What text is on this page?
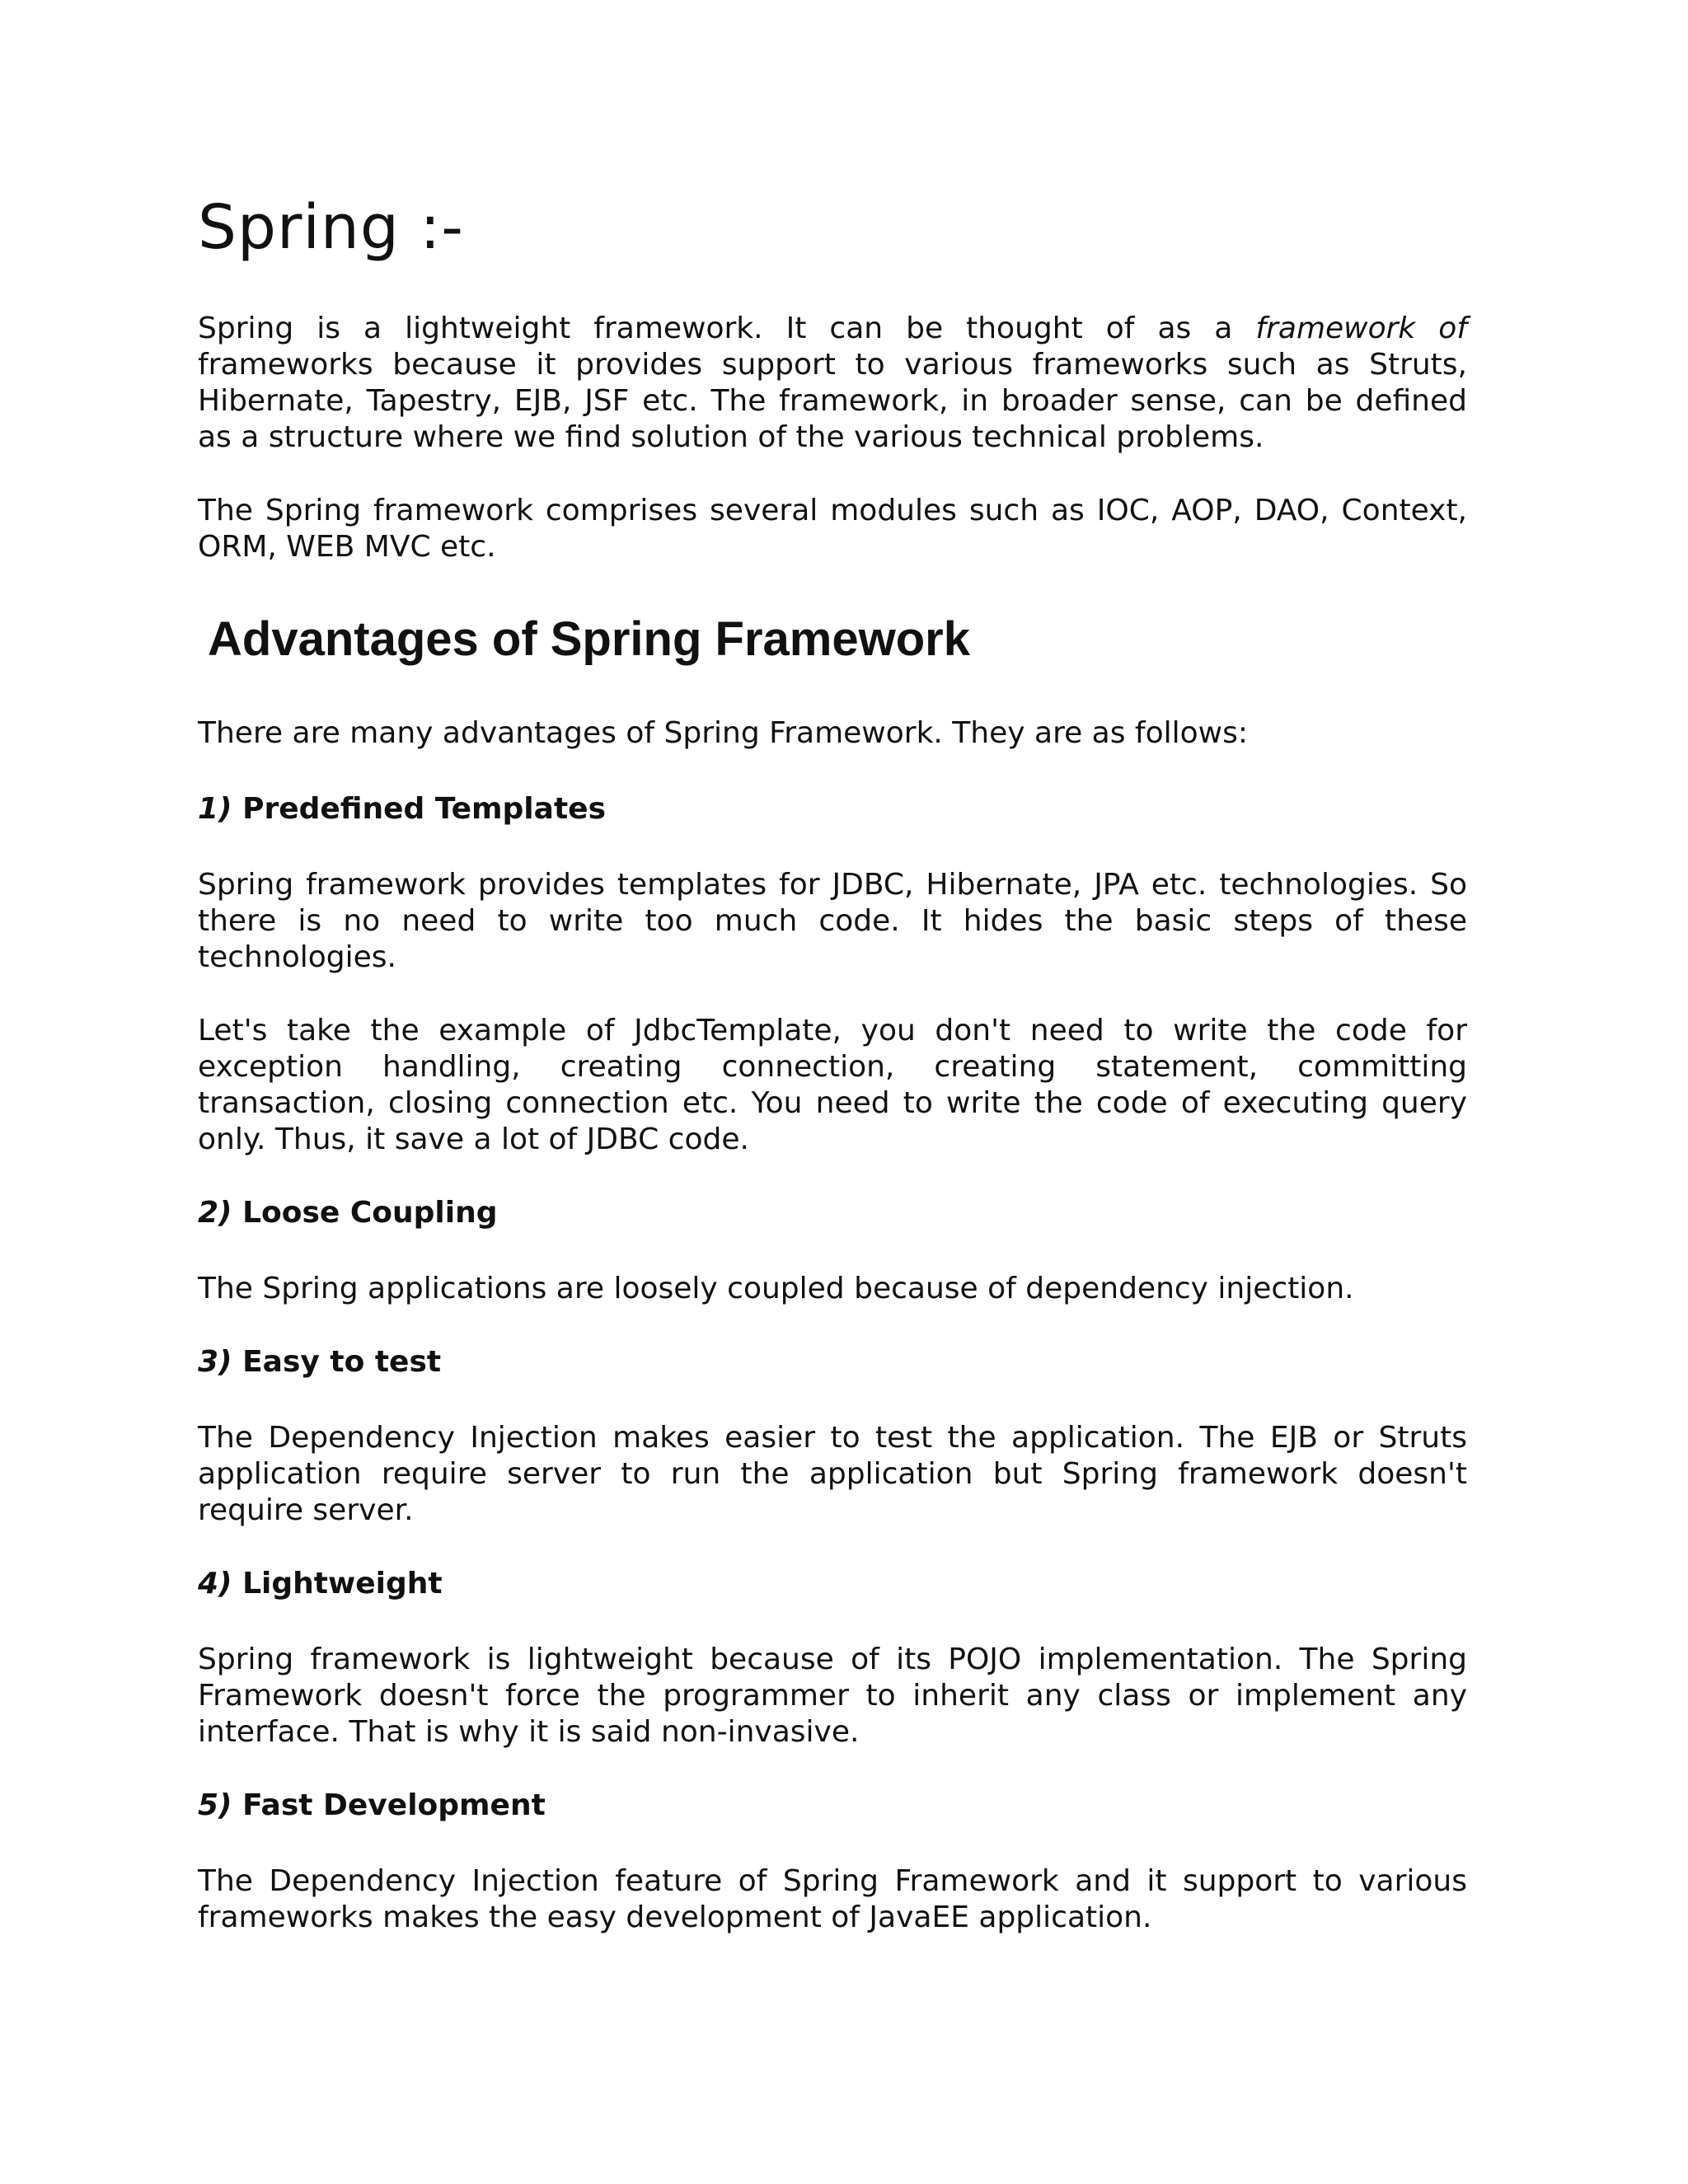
Spring :-

Spring is a lightweight framework. It can be thought of as a framework of frameworks because it provides support to various frameworks such as Struts, Hibernate, Tapestry, EJB, JSF etc. The framework, in broader sense, can be defined as a structure where we find solution of the various technical problems.

The Spring framework comprises several modules such as IOC, AOP, DAO, Context, ORM, WEB MVC etc.

Advantages of Spring Framework

There are many advantages of Spring Framework. They are as follows:

1) Predefined Templates

Spring framework provides templates for JDBC, Hibernate, JPA etc. technologies. So there is no need to write too much code. It hides the basic steps of these technologies.

Let's take the example of JdbcTemplate, you don't need to write the code for exception handling, creating connection, creating statement, committing transaction, closing connection etc. You need to write the code of executing query only. Thus, it save a lot of JDBC code.

2) Loose Coupling

The Spring applications are loosely coupled because of dependency injection.

3) Easy to test

The Dependency Injection makes easier to test the application. The EJB or Struts application require server to run the application but Spring framework doesn't require server.

4) Lightweight

Spring framework is lightweight because of its POJO implementation. The Spring Framework doesn't force the programmer to inherit any class or implement any interface. That is why it is said non-invasive.

5) Fast Development

The Dependency Injection feature of Spring Framework and it support to various frameworks makes the easy development of JavaEE application.
